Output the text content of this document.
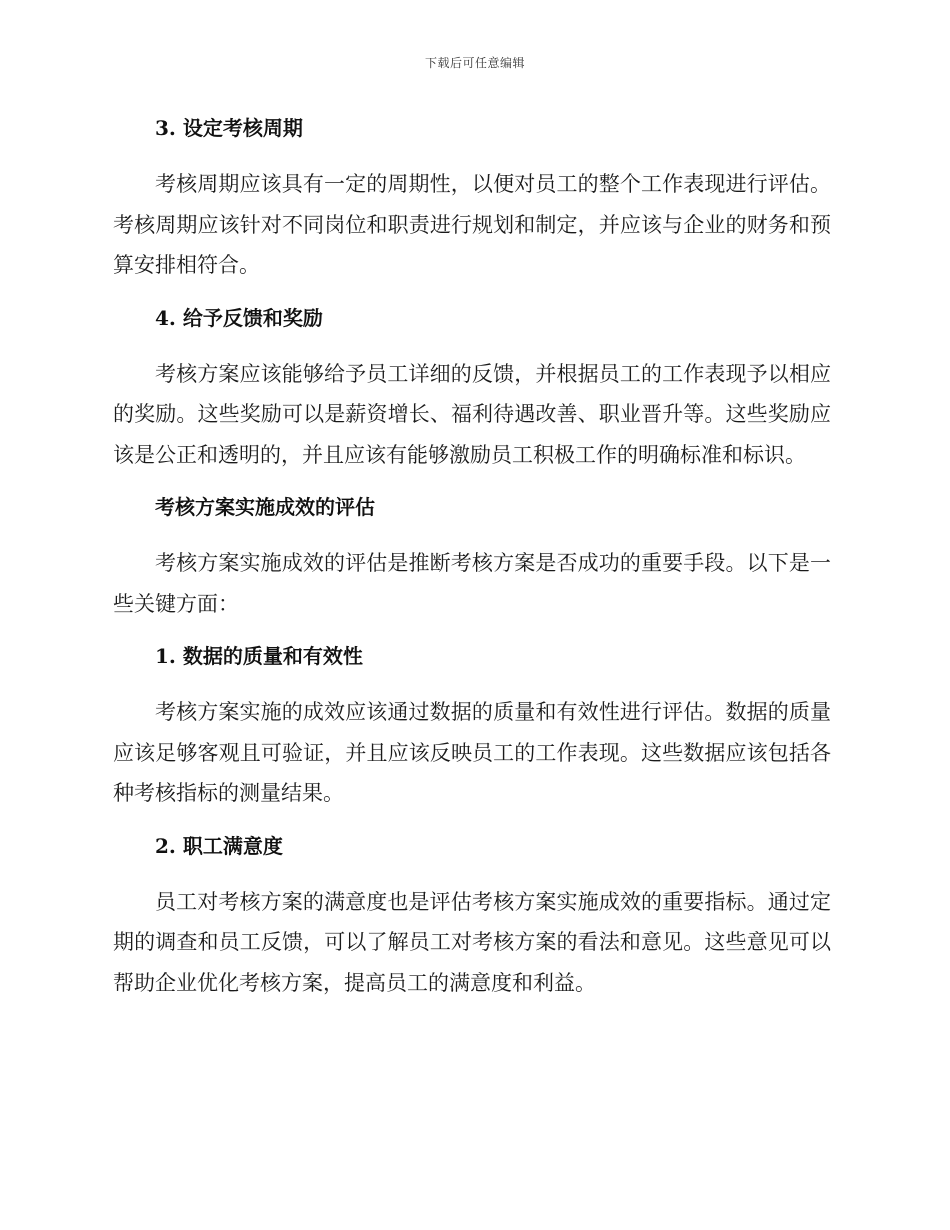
下载后可任意编辑

3. 设定考核周期

考核周期应该具有一定的周期性，以便对员工的整个工作表现进行评估。考核周期应该针对不同岗位和职责进行规划和制定，并应该与企业的财务和预算安排相符合。

4. 给予反馈和奖励

考核方案应该能够给予员工详细的反馈，并根据员工的工作表现予以相应的奖励。这些奖励可以是薪资增长、福利待遇改善、职业晋升等。这些奖励应该是公正和透明的，并且应该有能够激励员工积极工作的明确标准和标识。

考核方案实施成效的评估

考核方案实施成效的评估是推断考核方案是否成功的重要手段。以下是一些关键方面：

1. 数据的质量和有效性

考核方案实施的成效应该通过数据的质量和有效性进行评估。数据的质量应该足够客观且可验证，并且应该反映员工的工作表现。这些数据应该包括各种考核指标的测量结果。

2. 职工满意度

员工对考核方案的满意度也是评估考核方案实施成效的重要指标。通过定期的调查和员工反馈，可以了解员工对考核方案的看法和意见。这些意见可以帮助企业优化考核方案，提高员工的满意度和利益。
